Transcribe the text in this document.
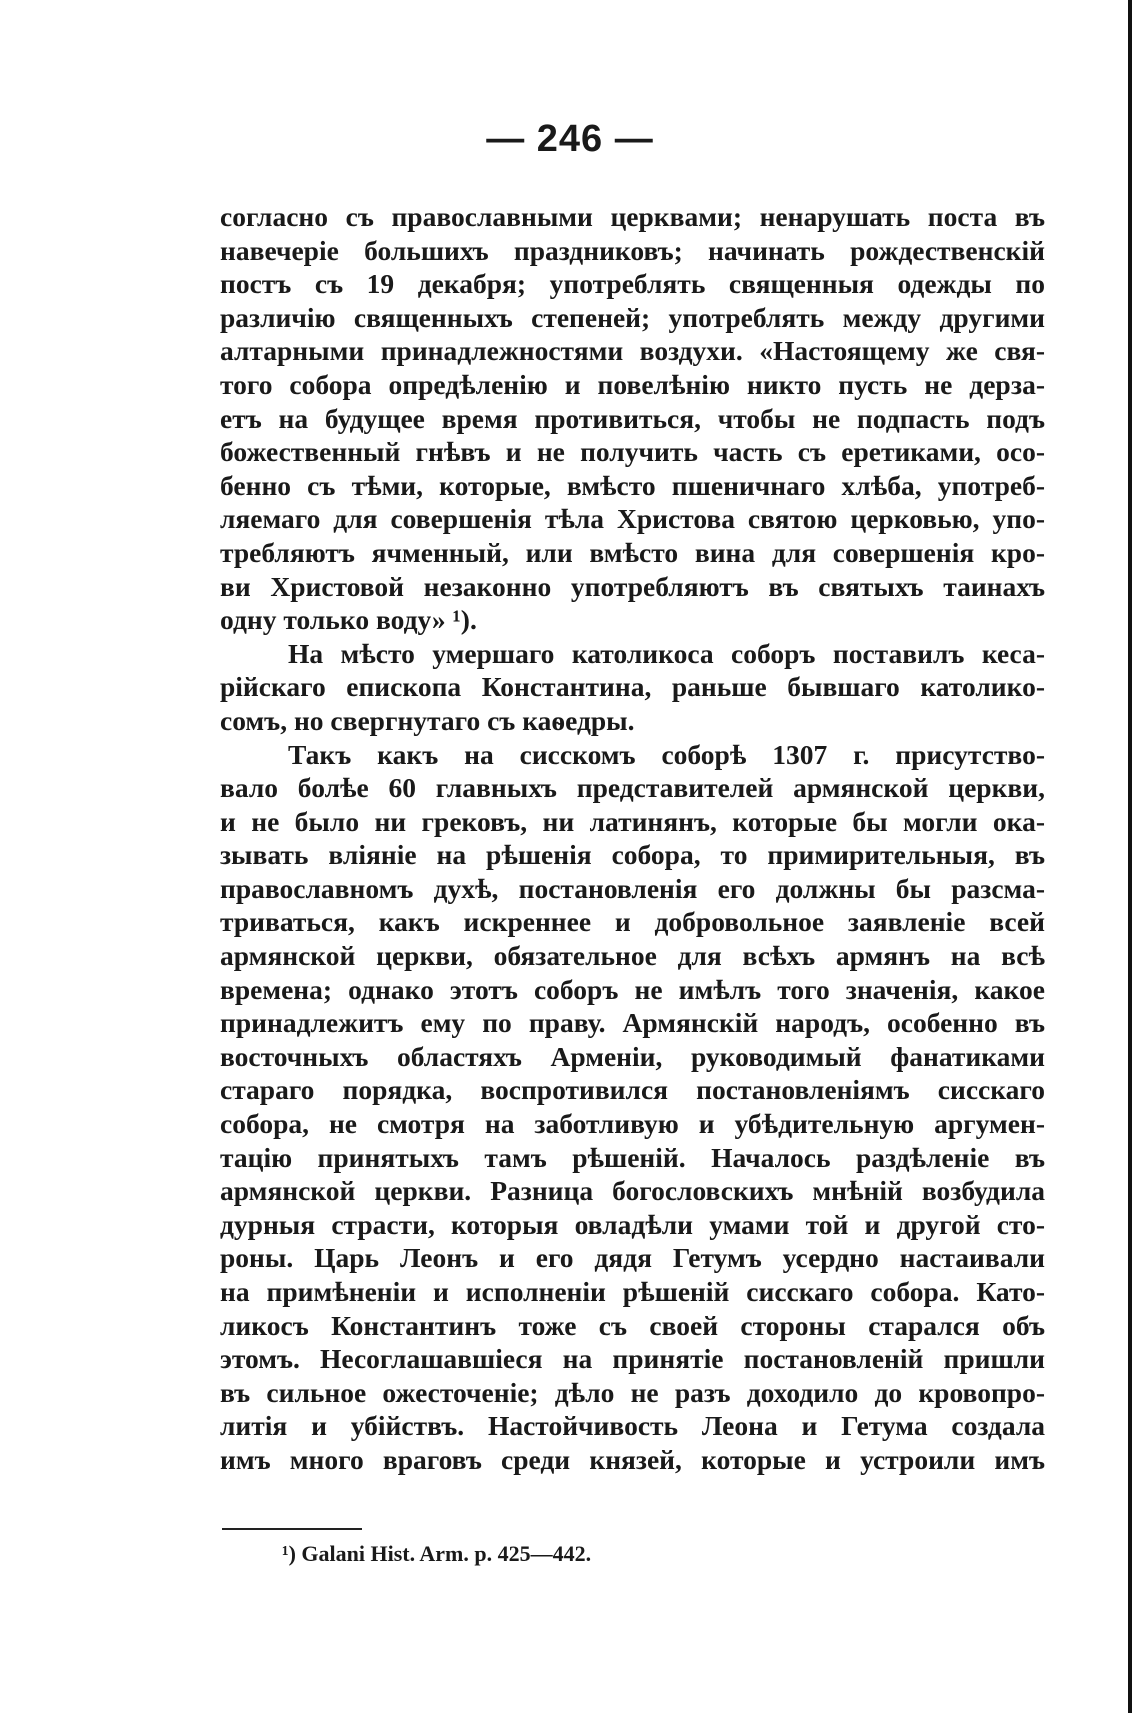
— 246 —
согласно съ православными церквами; ненарушать поста въ
навечеріе большихъ праздниковъ; начинать рождественскій
постъ съ 19 декабря; употреблять священныя одежды по
различію священныхъ степеней; употреблять между другими
алтарными принадлежностями воздухи. «Настоящему же свя-
того собора опредѣленію и повелѣнію никто пусть не дерза-
етъ на будущее время противиться, чтобы не подпасть подъ
божественный гнѣвъ и не получить часть съ еретиками, осо-
бенно съ тѣми, которые, вмѣсто пшеничнаго хлѣба, употреб-
ляемаго для совершенія тѣла Христова святою церковью, упо-
требляютъ ячменный, или вмѣсто вина для совершенія кро-
ви Христовой незаконно употребляютъ въ святыхъ таинахъ
одну только воду» ¹).
На мѣсто умершаго католикоса соборъ поставилъ кеса-
рійскаго епископа Константина, раньше бывшаго католико-
сомъ, но свергнутаго съ каѳедры.
Такъ какъ на сисскомъ соборѣ 1307 г. присутство-
вало болѣе 60 главныхъ представителей армянской церкви,
и не было ни грековъ, ни латинянъ, которые бы могли ока-
зывать вліяніе на рѣшенія собора, то примирительныя, въ
православномъ духѣ, постановленія его должны бы разсма-
триваться, какъ искреннее и добровольное заявленіе всей
армянской церкви, обязательное для всѣхъ армянъ на всѣ
времена; однако этотъ соборъ не имѣлъ того значенія, какое
принадлежитъ ему по праву. Армянскій народъ, особенно въ
восточныхъ областяхъ Арменіи, руководимый фанатиками
стараго порядка, воспротивился постановленіямъ сисскаго
собора, не смотря на заботливую и убѣдительную аргумен-
тацію принятыхъ тамъ рѣшеній. Началось раздѣленіе въ
армянской церкви. Разница богословскихъ мнѣній возбудила
дурныя страсти, которыя овладѣли умами той и другой сто-
роны. Царь Леонъ и его дядя Гетумъ усердно настаивали
на примѣненіи и исполненіи рѣшеній сисскаго собора. Като-
ликосъ Константинъ тоже съ своей стороны старался объ
этомъ. Несоглашавшіеся на принятіе постановленій пришли
въ сильное ожесточеніе; дѣло не разъ доходило до кровопро-
литія и убійствъ. Настойчивость Леона и Гетума создала
имъ много враговъ среди князей, которые и устроили имъ
¹) Galani Hist. Arm. p. 425—442.
